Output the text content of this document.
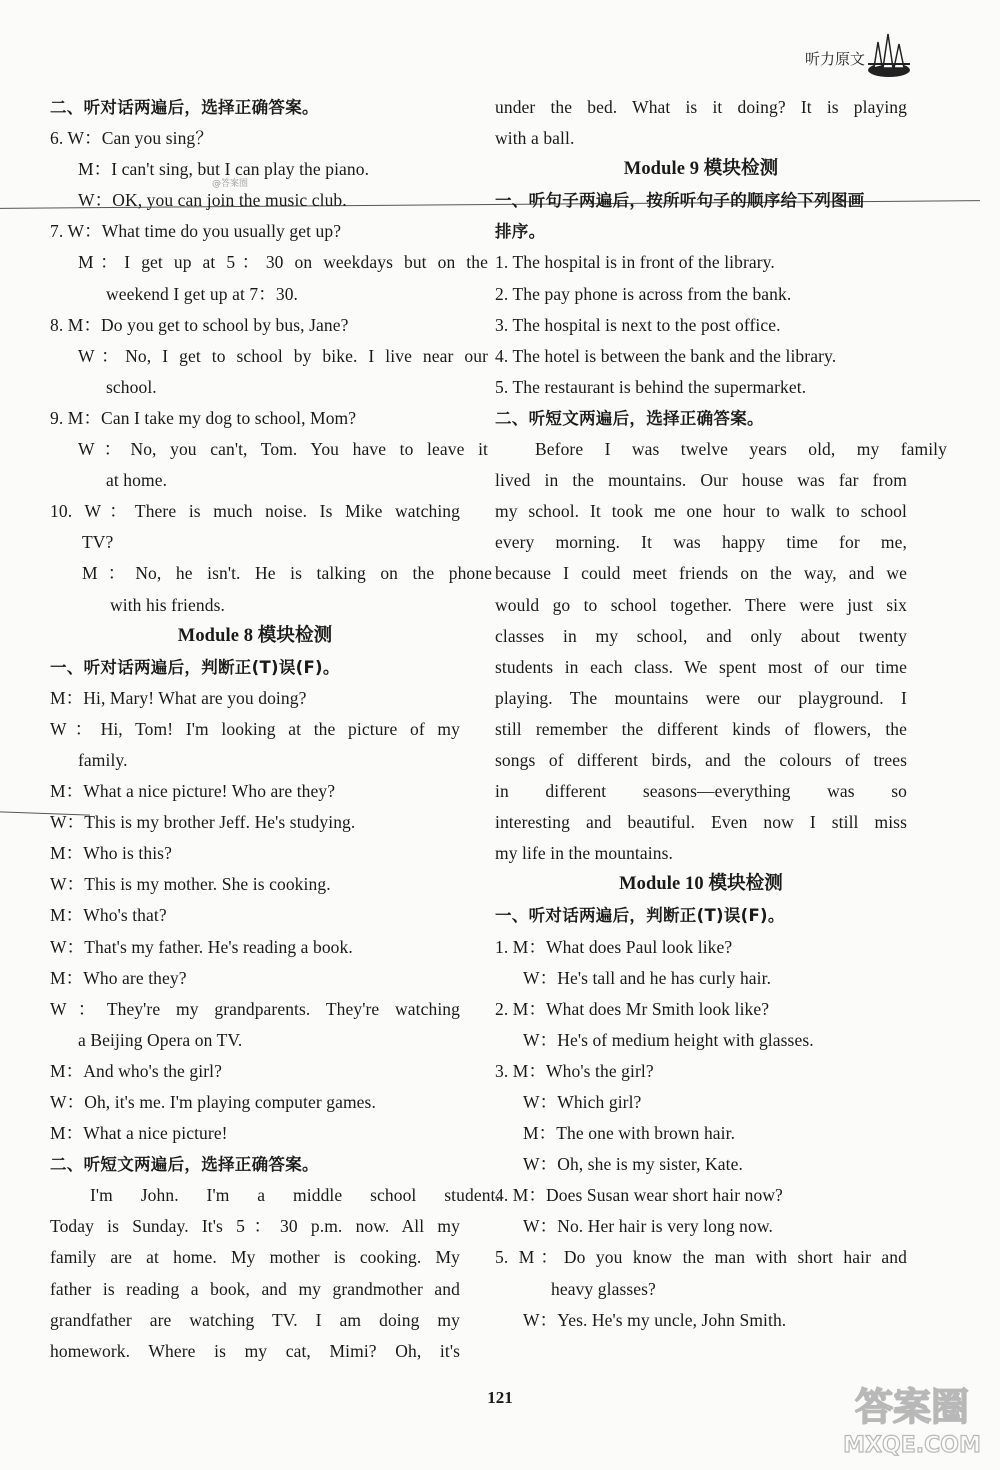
听力原文
@答案圈
二、听对话两遍后，选择正确答案。
6. W：Can you sing？
M：I can't sing, but I can play the piano.
W：OK, you can join the music club.
7. W：What time do you usually get up?
M：I get up at 5：30 on weekdays but on the
weekend I get up at 7：30.
8. M：Do you get to school by bus, Jane?
W：No, I get to school by bike. I live near our
school.
9. M：Can I take my dog to school, Mom?
W：No, you can't, Tom. You have to leave it
at home.
10. W：There is much noise. Is Mike watching
TV?
M：No, he isn't. He is talking on the phone
with his friends.
Module 8 模块检测
一、听对话两遍后，判断正(T)误(F)。
M：Hi, Mary! What are you doing?
W：Hi, Tom! I'm looking at the picture of my
family.
M：What a nice picture! Who are they?
W：This is my brother Jeff. He's studying.
M：Who is this?
W：This is my mother. She is cooking.
M：Who's that?
W：That's my father. He's reading a book.
M：Who are they?
W：They're my grandparents. They're watching
a Beijing Opera on TV.
M：And who's the girl?
W：Oh, it's me. I'm playing computer games.
M：What a nice picture!
二、听短文两遍后，选择正确答案。
I'm John. I'm a middle school student.
Today is Sunday. It's 5：30 p.m. now. All my
family are at home. My mother is cooking. My
father is reading a book, and my grandmother and
grandfather are watching TV. I am doing my
homework. Where is my cat, Mimi? Oh, it's
under the bed. What is it doing? It is playing
with a ball.
Module 9 模块检测
一、听句子两遍后，按所听句子的顺序给下列图画
排序。
1. The hospital is in front of the library.
2. The pay phone is across from the bank.
3. The hospital is next to the post office.
4. The hotel is between the bank and the library.
5. The restaurant is behind the supermarket.
二、听短文两遍后，选择正确答案。
Before I was twelve years old, my family
lived in the mountains. Our house was far from
my school. It took me one hour to walk to school
every morning. It was happy time for me,
because I could meet friends on the way, and we
would go to school together. There were just six
classes in my school, and only about twenty
students in each class. We spent most of our time
playing. The mountains were our playground. I
still remember the different kinds of flowers, the
songs of different birds, and the colours of trees
in different seasons—everything was so
interesting and beautiful. Even now I still miss
my life in the mountains.
Module 10 模块检测
一、听对话两遍后，判断正(T)误(F)。
1. M：What does Paul look like?
W：He's tall and he has curly hair.
2. M：What does Mr Smith look like?
W：He's of medium height with glasses.
3. M：Who's the girl?
W：Which girl?
M：The one with brown hair.
W：Oh, she is my sister, Kate.
4. M：Does Susan wear short hair now?
W：No. Her hair is very long now.
5. M：Do you know the man with short hair and
heavy glasses?
W：Yes. He's my uncle, John Smith.
121	答案圈
MXQE.COM
